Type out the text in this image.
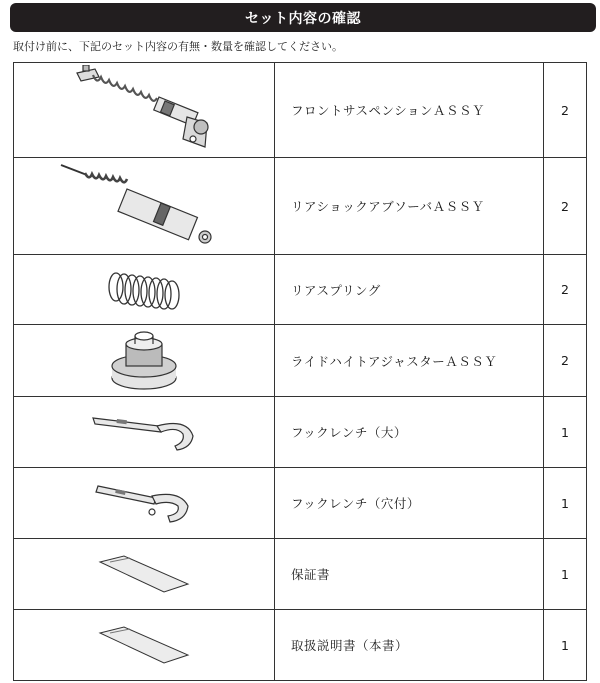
セット内容の確認
取付け前に、下記のセット内容の有無・数量を確認してください。
	フロントサスペンションＡＳＳＹ	2

	リアショックアブソーバＡＳＳＹ	2

	リアスプリング	2

	ライドハイトアジャスターＡＳＳＹ	2

	フックレンチ（大）	1

	フックレンチ（穴付）	1

	保証書	1

	取扱説明書（本書）	1
